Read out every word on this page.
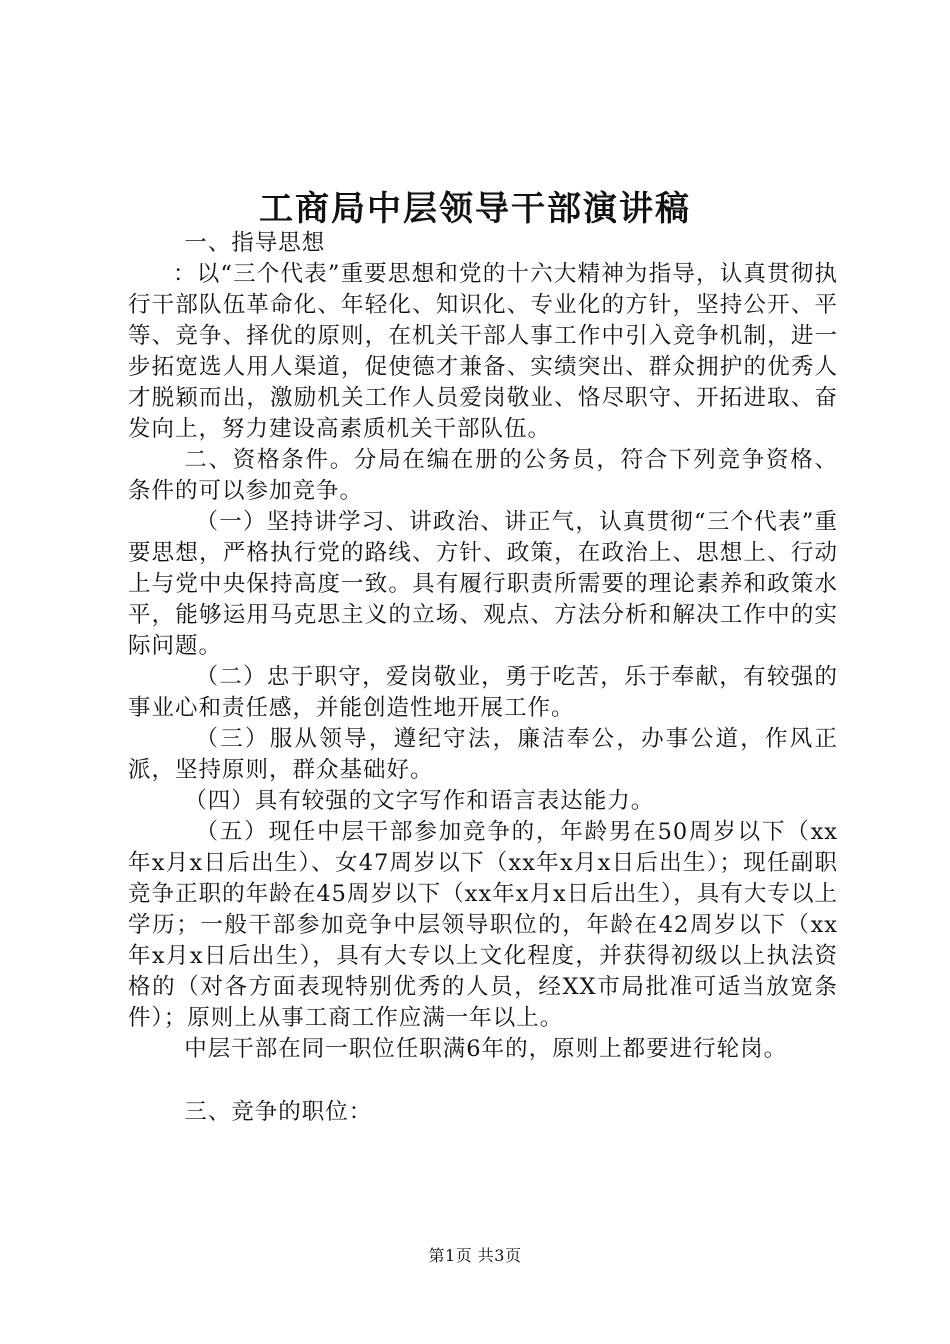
工商局中层领导干部演讲稿

一、指导思想

：以“三个代表”重要思想和党的十六大精神为指导，认真贯彻执行干部队伍革命化、年轻化、知识化、专业化的方针，坚持公开、平等、竞争、择优的原则，在机关干部人事工作中引入竞争机制，进一步拓宽选人用人渠道，促使德才兼备、实绩突出、群众拥护的优秀人才脱颖而出，激励机关工作人员爱岗敬业、恪尽职守、开拓进取、奋发向上，努力建设高素质机关干部队伍。

二、资格条件。分局在编在册的公务员，符合下列竞争资格、条件的可以参加竞争。

（一）坚持讲学习、讲政治、讲正气，认真贯彻“三个代表”重要思想，严格执行党的路线、方针、政策，在政治上、思想上、行动上与党中央保持高度一致。具有履行职责所需要的理论素养和政策水平，能够运用马克思主义的立场、观点、方法分析和解决工作中的实际问题。

（二）忠于职守，爱岗敬业，勇于吃苦，乐于奉献，有较强的事业心和责任感，并能创造性地开展工作。

（三）服从领导，遵纪守法，廉洁奉公，办事公道，作风正派，坚持原则，群众基础好。

（四）具有较强的文字写作和语言表达能力。

（五）现任中层干部参加竞争的，年龄男在50周岁以下（xx年x月x日后出生）、女47周岁以下（xx年x月x日后出生）；现任副职竞争正职的年龄在45周岁以下（xx年x月x日后出生），具有大专以上学历；一般干部参加竞争中层领导职位的，年龄在42周岁以下（xx年x月x日后出生），具有大专以上文化程度，并获得初级以上执法资格的（对各方面表现特别优秀的人员，经XX市局批准可适当放宽条件）；原则上从事工商工作应满一年以上。

中层干部在同一职位任职满6年的，原则上都要进行轮岗。

三、竞争的职位：

第1页 共3页
